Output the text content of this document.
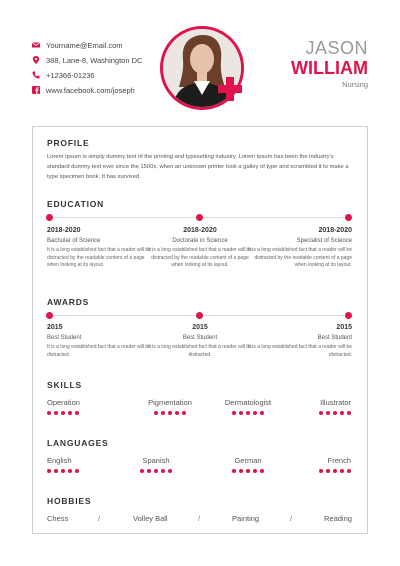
Yourname@Email.com
388, Lane-8, Washington DC
+12366-01236
www.facebook.com/joseph
JASON
WILLIAM
Nursing
PROFILE
Lorem Ipsum is simply dummy text of the printing and typesetting industry. Lorem Ipsum has been the industry's standard dummy text ever since the 1500s, when an unknown printer took a galley of type and scrambled it to make a type specimen book. It has survived.
EDUCATION
2018-2020
Bachular of Science
It is a long established fact that a reader will be distracted by the readable content of a page when looking at its layout.
2018-2020
Doctorate in Science
It is a long established fact that a reader will be distracted by the readable content of a page when looking at its layout.
2018-2020
Specialist of Science
It is a long established fact that a reader will be distracted by the readable content of a page when looking at its layout.
AWARDS
2015
Best Student
It is a long established fact that a reader will be distracted.
2015
Best Student
It is a long established fact that a reader will be distracted.
2015
Best Student
It is a long established fact that a reader will be distracted.
SKILLS
Operation	Pigmentation	Dermatologist	Illustrator
LANGUAGES
English	Spanish	German	French
HOBBIES
Chess	/	Volley Ball	/	Painting	/	Reading
